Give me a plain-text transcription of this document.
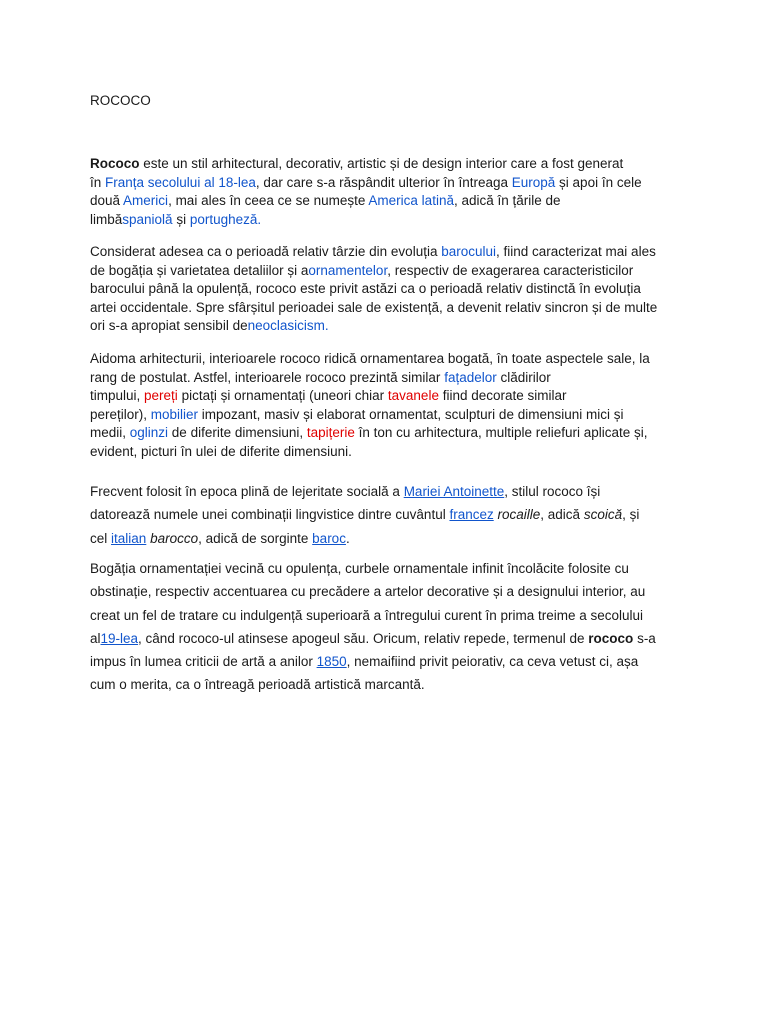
ROCOCO

Rococo este un stil arhitectural, decorativ, artistic și de design interior care a fost generat
în Franța secolului al 18-lea, dar care s-a răspândit ulterior în întreaga Europă și apoi în cele
două Americi, mai ales în ceea ce se numește America latină, adică în țările de
limbăspaniolă și portugheză.

Considerat adesea ca o perioadă relativ târzie din evoluția barocului, fiind caracterizat mai ales
de bogăția și varietatea detaliilor și aornamentelor, respectiv de exagerarea caracteristicilor
barocului până la opulență, rococo este privit astăzi ca o perioadă relativ distinctă în evoluția
artei occidentale. Spre sfârșitul perioadei sale de existență, a devenit relativ sincron și de multe
ori s-a apropiat sensibil deneoclasicism.

Aidoma arhitecturii, interioarele rococo ridică ornamentarea bogată, în toate aspectele sale, la
rang de postulat. Astfel, interioarele rococo prezintă similar fațadelor clădirilor
timpului, pereți pictați și ornamentați (uneori chiar tavanele fiind decorate similar
pereților), mobilier impozant, masiv și elaborat ornamentat, sculpturi de dimensiuni mici și
medii, oglinzi de diferite dimensiuni, tapițerie în ton cu arhitectura, multiple reliefuri aplicate și,
evident, picturi în ulei de diferite dimensiuni.

Frecvent folosit în epoca plină de lejeritate socială a Mariei Antoinette, stilul rococo își
datorează numele unei combinații lingvistice dintre cuvântul francez rocaille, adică scoică, și
cel italian barocco, adică de sorginte baroc.

Bogăția ornamentației vecină cu opulența, curbele ornamentale infinit încolăcite folosite cu
obstinație, respectiv accentuarea cu precădere a artelor decorative și a designului interior, au
creat un fel de tratare cu indulgență superioară a întregului curent în prima treime a secolului
al19-lea, când rococo-ul atinsese apogeul său. Oricum, relativ repede, termenul de rococo s-a
impus în lumea criticii de artă a anilor 1850, nemaifiind privit peiorativ, ca ceva vetust ci, așa
cum o merita, ca o întreagă perioadă artistică marcantă.
